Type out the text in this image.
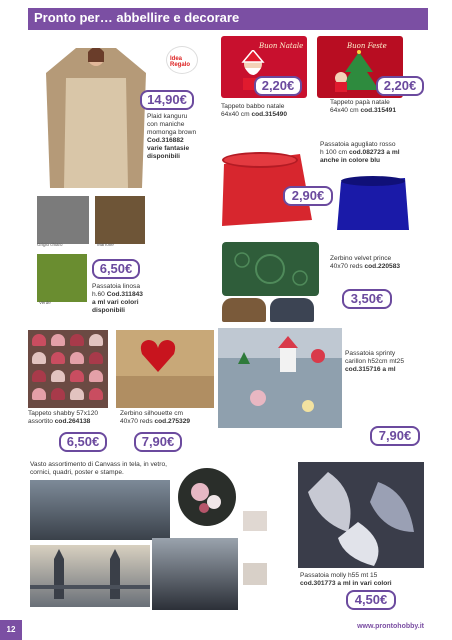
Pronto per… abbellire e decorare
Idea Regalo
14,90€
Plaid kanguru
con maniche
momonga brown
Cod.316882
varie fantasie
disponibili
Buon Natale
2,20€
Tappeto babbo natale
64x40 cm cod.315490
Buon Feste
2,20€
Tappeto papà natale
64x40 cm cod.315491
Passatoia agugliato rosso
h 100 cm cod.082723 a ml
anche in colore blu
2,90€
Grigio chiaro	Marrone
Verde
6,50€
Passatoia linosa
h.60 Cod.311843
a ml vari colori
disponibili
Zerbino velvet prince
40x70 reds cod.220583
3,50€
Tappeto shabby 57x120
assortito cod.264138
6,50€
Zerbino silhouette cm
40x70 reds cod.275329
7,90€
Passatoia sprinty
carillon h52cm mt25
cod.315716 a ml
7,90€
Vasto assortimento di Canvass in tela, in vetro,
cornici, quadri, poster e stampe.
Passatoia molly h55 mt 15
cod.301773 a ml in vari colori
4,50€
12	www.prontohobby.it
